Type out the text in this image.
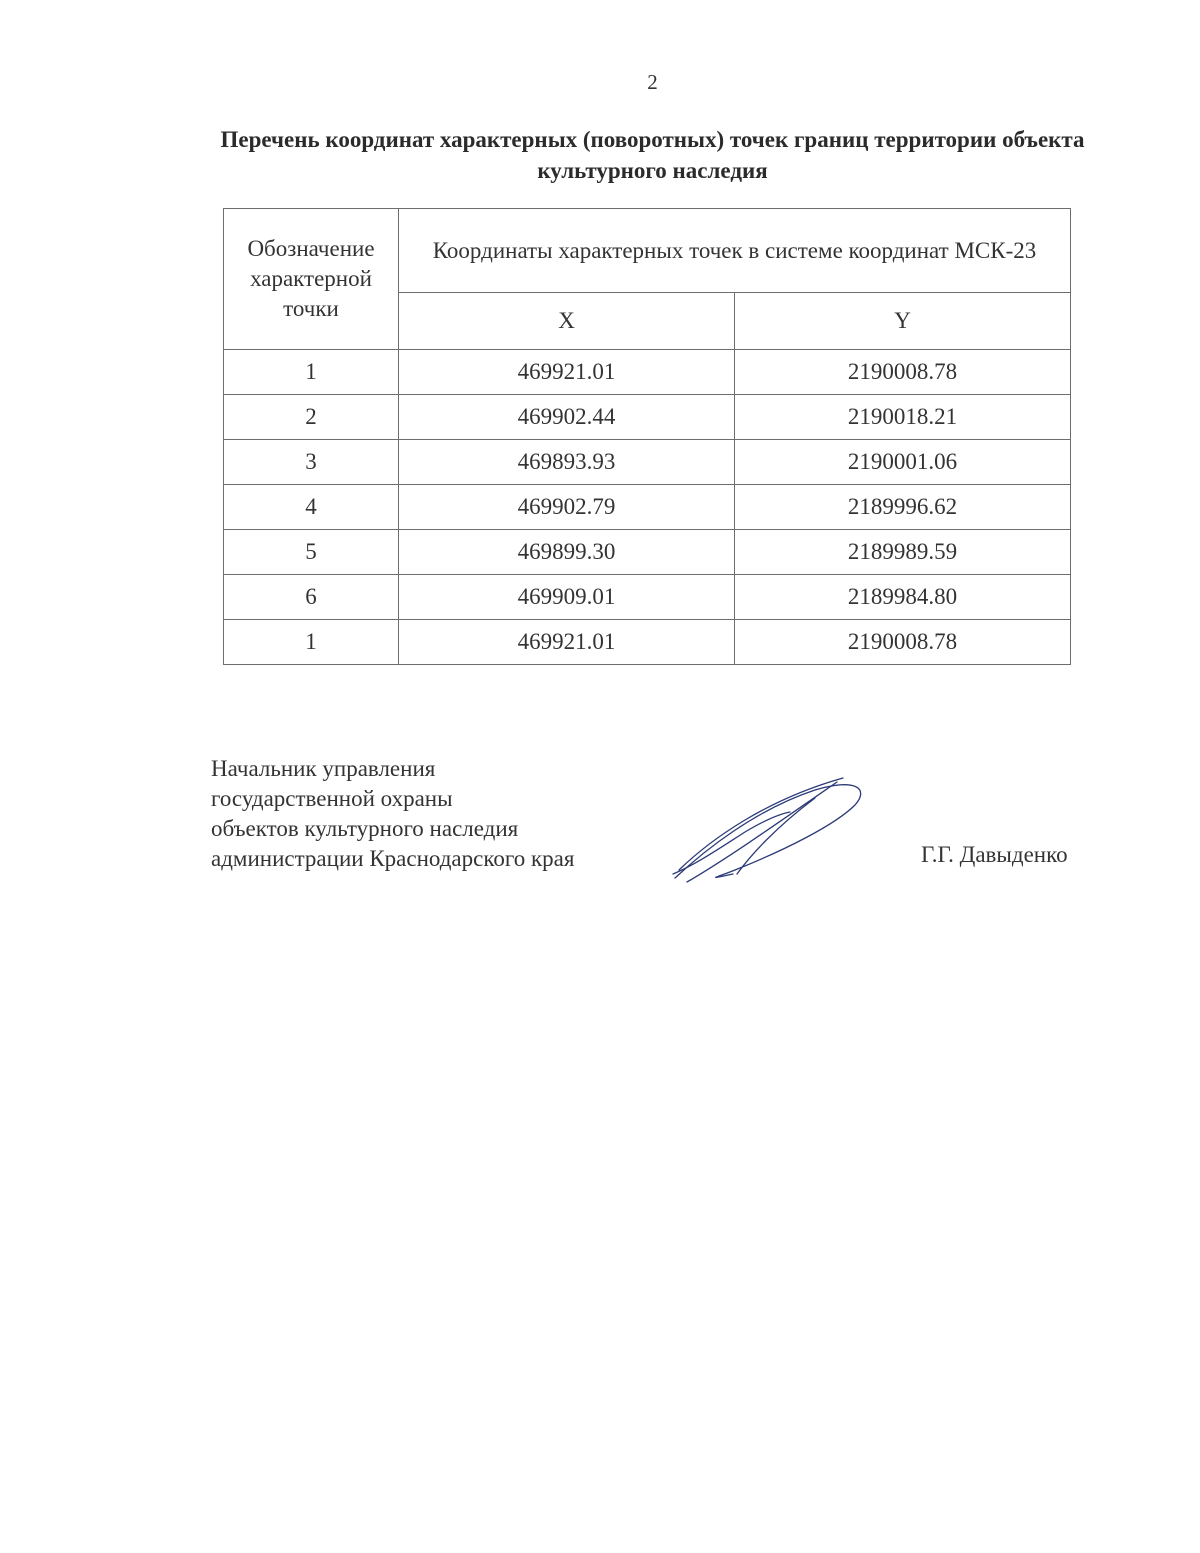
2
Перечень координат характерных (поворотных) точек границ территории объекта культурного наследия
Обозначение характерной точки	Координаты характерных точек в системе координат МСК-23	
	X	Y
1	469921.01	2190008.78
2	469902.44	2190018.21
3	469893.93	2190001.06
4	469902.79	2189996.62
5	469899.30	2189989.59
6	469909.01	2189984.80
1	469921.01	2190008.78
Начальник управления
государственной охраны
объектов культурного наследия
администрации Краснодарского края	Г.Г. Давыденко
